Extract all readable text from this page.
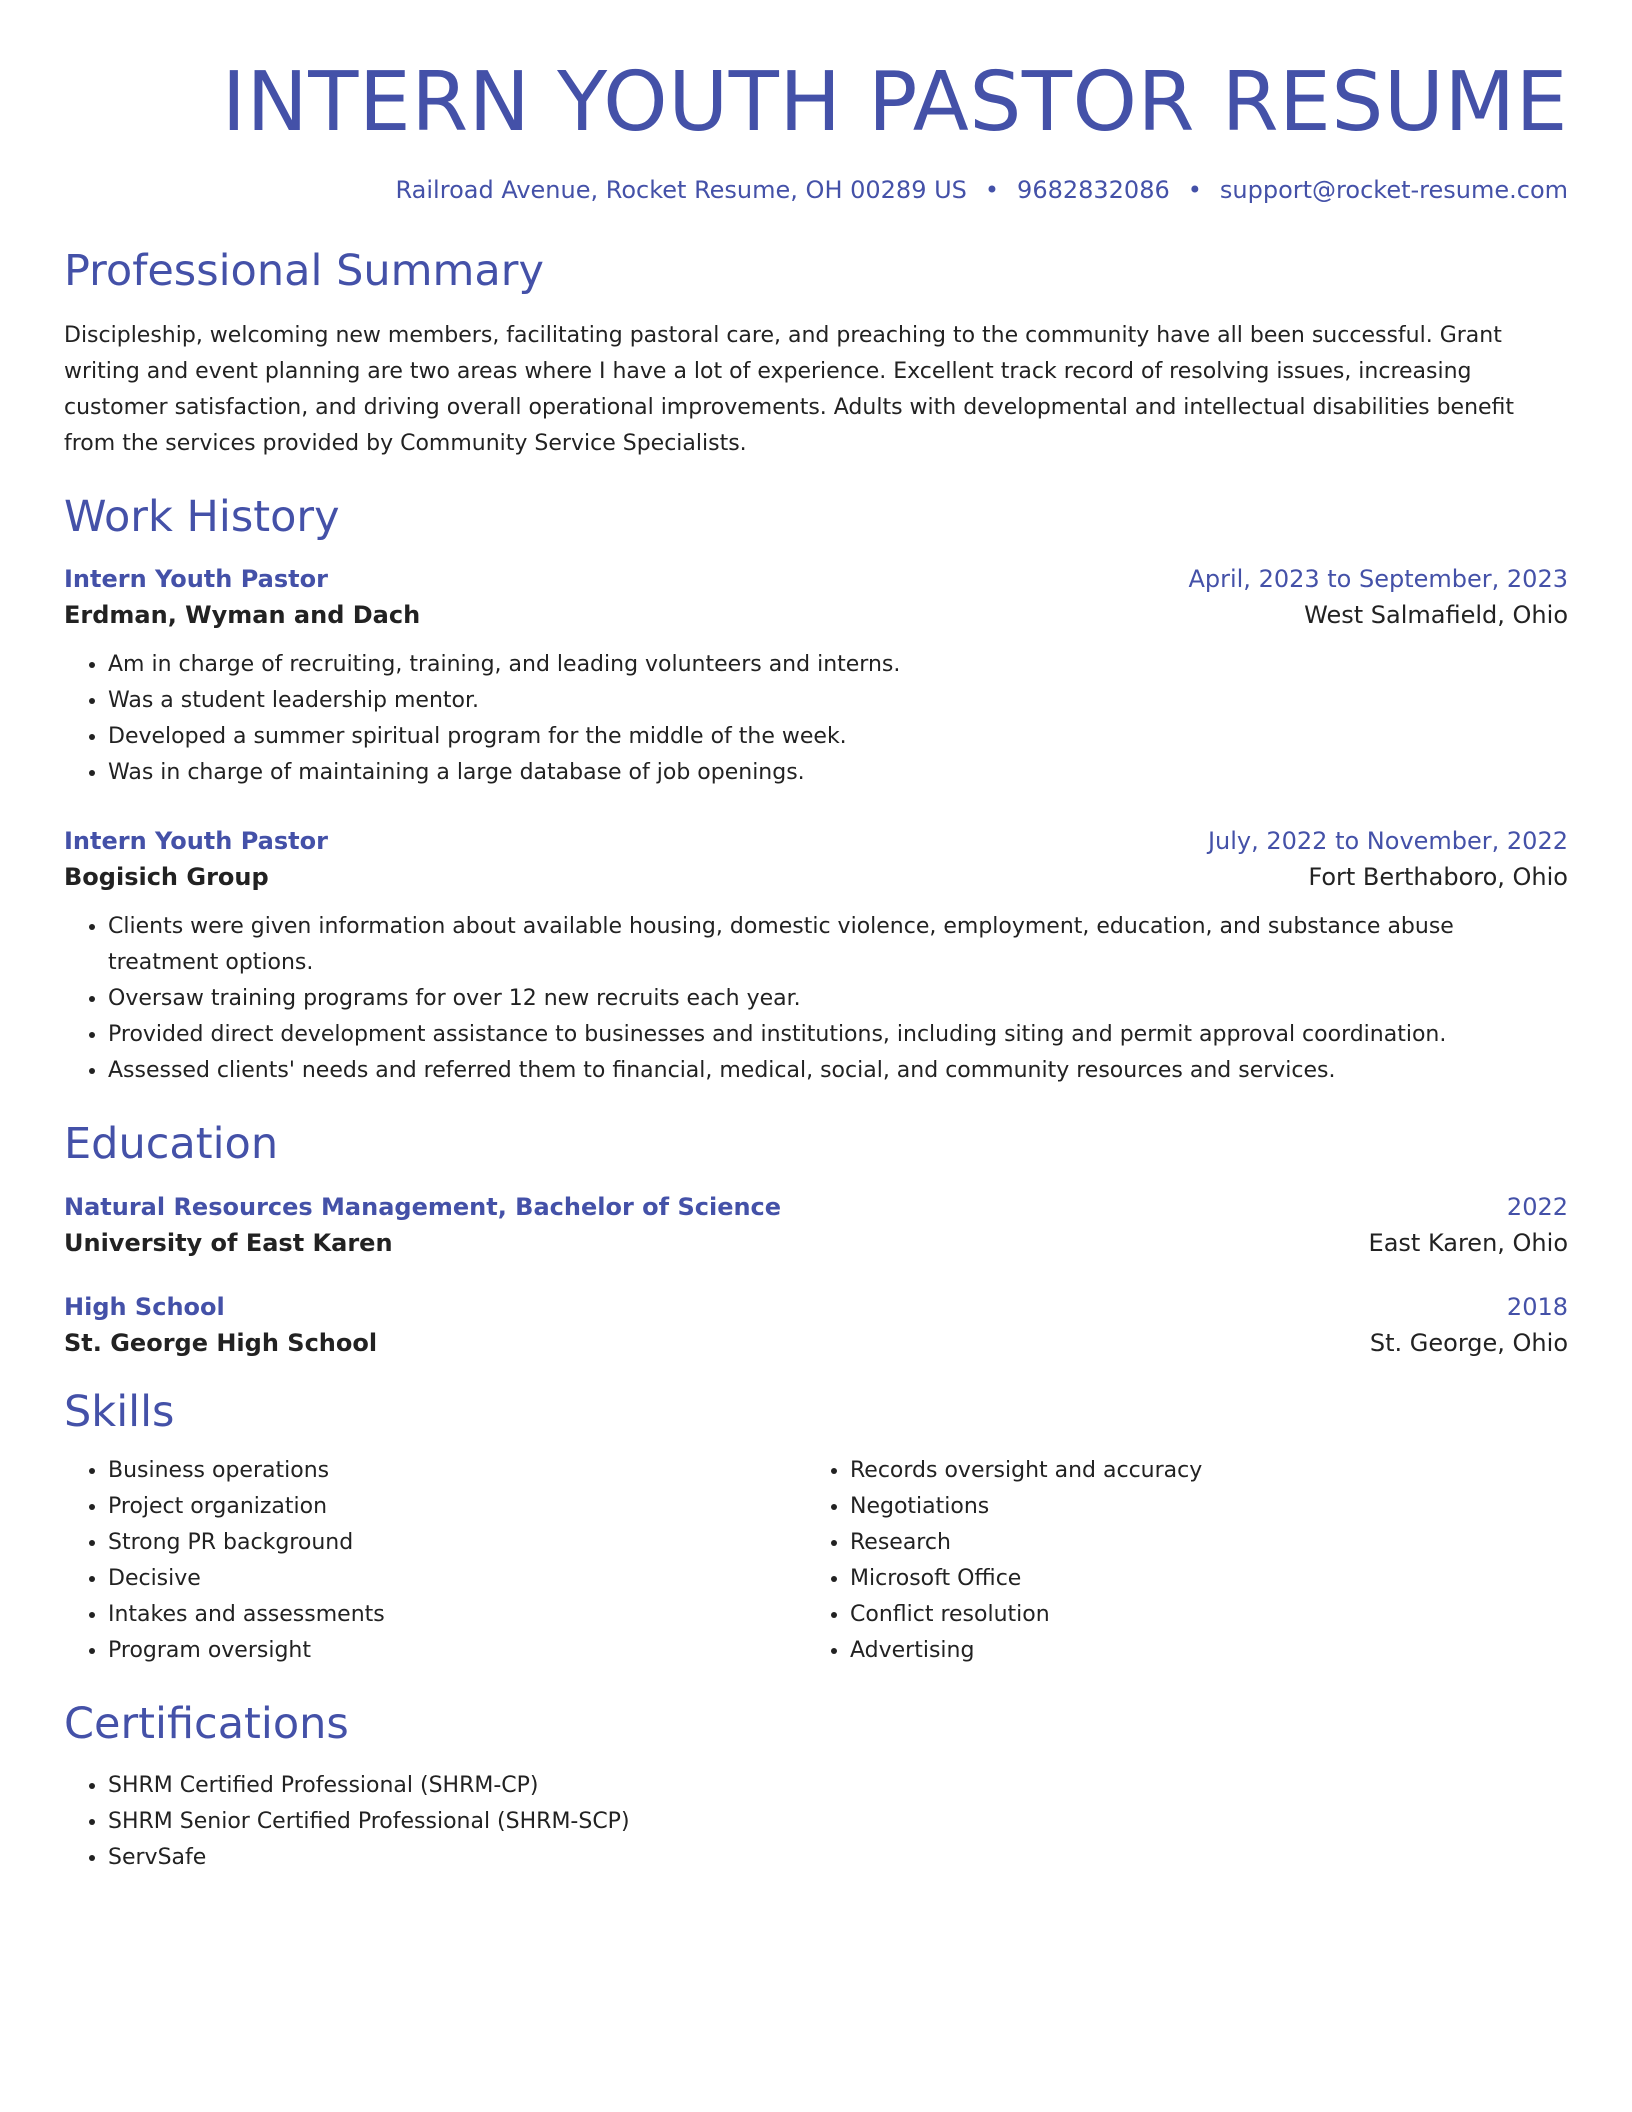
INTERN YOUTH PASTOR RESUME
Railroad Avenue, Rocket Resume, OH 00289 US • 9682832086 • support@rocket-resume.com
Professional Summary
Discipleship, welcoming new members, facilitating pastoral care, and preaching to the community have all been successful. Grant writing and event planning are two areas where I have a lot of experience. Excellent track record of resolving issues, increasing customer satisfaction, and driving overall operational improvements. Adults with developmental and intellectual disabilities benefit from the services provided by Community Service Specialists.
Work History
Intern Youth Pastor	April, 2023 to September, 2023
Erdman, Wyman and Dach	West Salmafield, Ohio
• Am in charge of recruiting, training, and leading volunteers and interns.
• Was a student leadership mentor.
• Developed a summer spiritual program for the middle of the week.
• Was in charge of maintaining a large database of job openings.
Intern Youth Pastor	July, 2022 to November, 2022
Bogisich Group	Fort Berthaboro, Ohio
• Clients were given information about available housing, domestic violence, employment, education, and substance abuse treatment options.
• Oversaw training programs for over 12 new recruits each year.
• Provided direct development assistance to businesses and institutions, including siting and permit approval coordination.
• Assessed clients' needs and referred them to financial, medical, social, and community resources and services.
Education
Natural Resources Management, Bachelor of Science	2022
University of East Karen	East Karen, Ohio
High School	2018
St. George High School	St. George, Ohio
Skills
• Business operations
• Project organization
• Strong PR background
• Decisive
• Intakes and assessments
• Program oversight
• Records oversight and accuracy
• Negotiations
• Research
• Microsoft Office
• Conflict resolution
• Advertising
Certifications
• SHRM Certified Professional (SHRM-CP)
• SHRM Senior Certified Professional (SHRM-SCP)
• ServSafe
